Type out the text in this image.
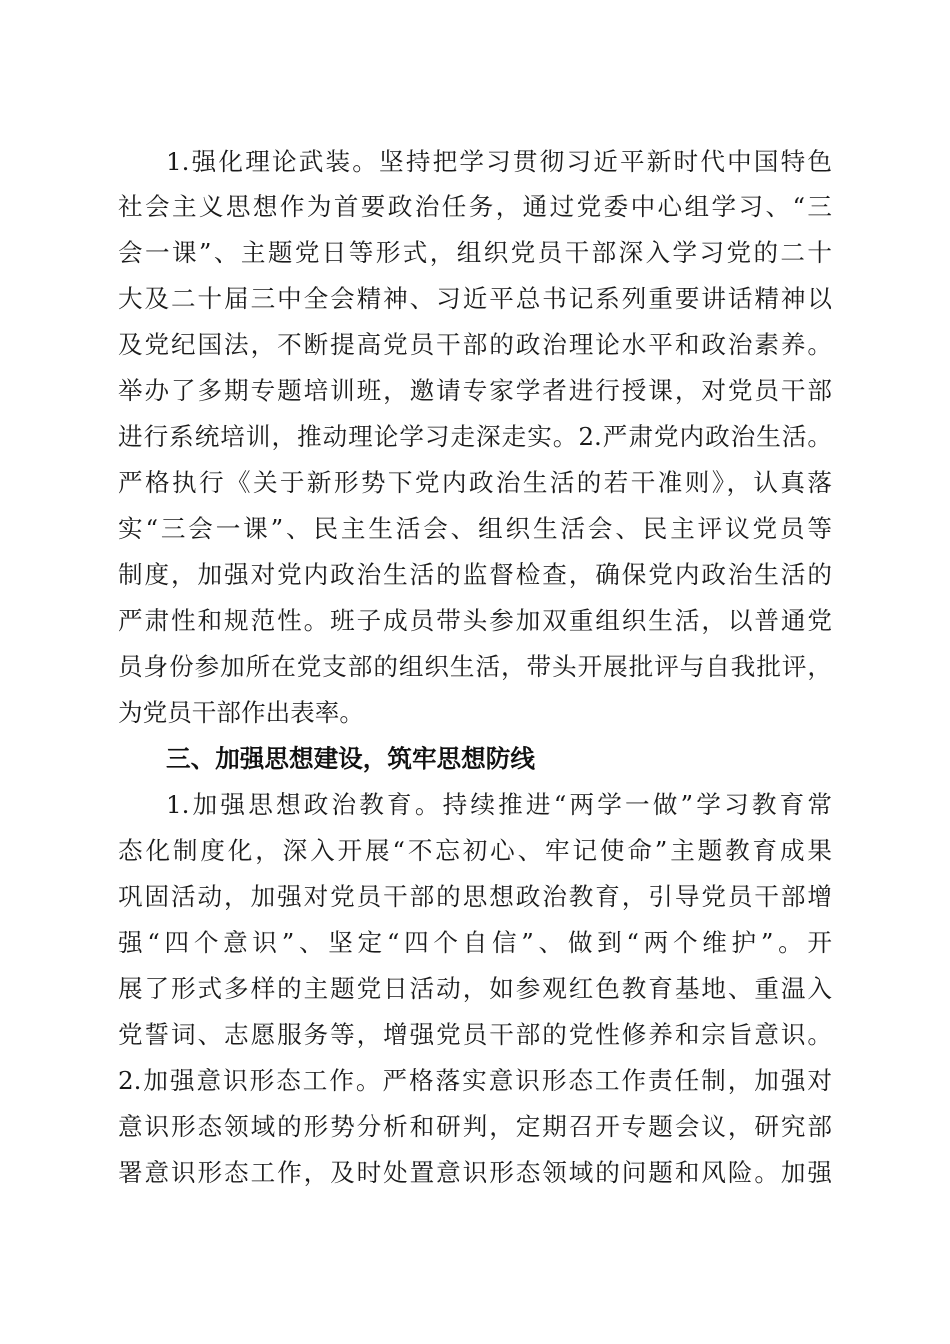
1.强化理论武装。坚持把学习贯彻习近平新时代中国特色

社会主义思想作为首要政治任务，通过党委中心组学习、“三

会一课”、主题党日等形式，组织党员干部深入学习党的二十

大及二十届三中全会精神、习近平总书记系列重要讲话精神以

及党纪国法，不断提高党员干部的政治理论水平和政治素养。

举办了多期专题培训班，邀请专家学者进行授课，对党员干部

进行系统培训，推动理论学习走深走实。2.严肃党内政治生活。

严格执行《关于新形势下党内政治生活的若干准则》，认真落

实“三会一课”、民主生活会、组织生活会、民主评议党员等

制度，加强对党内政治生活的监督检查，确保党内政治生活的

严肃性和规范性。班子成员带头参加双重组织生活，以普通党

员身份参加所在党支部的组织生活，带头开展批评与自我批评，

为党员干部作出表率。

三、加强思想建设，筑牢思想防线

1.加强思想政治教育。持续推进“两学一做”学习教育常

态化制度化，深入开展“不忘初心、牢记使命”主题教育成果

巩固活动，加强对党员干部的思想政治教育，引导党员干部增

强“四个意识”、坚定“四个自信”、做到“两个维护”。开

展了形式多样的主题党日活动，如参观红色教育基地、重温入

党誓词、志愿服务等，增强党员干部的党性修养和宗旨意识。

2.加强意识形态工作。严格落实意识形态工作责任制，加强对

意识形态领域的形势分析和研判，定期召开专题会议，研究部

署意识形态工作，及时处置意识形态领域的问题和风险。加强
